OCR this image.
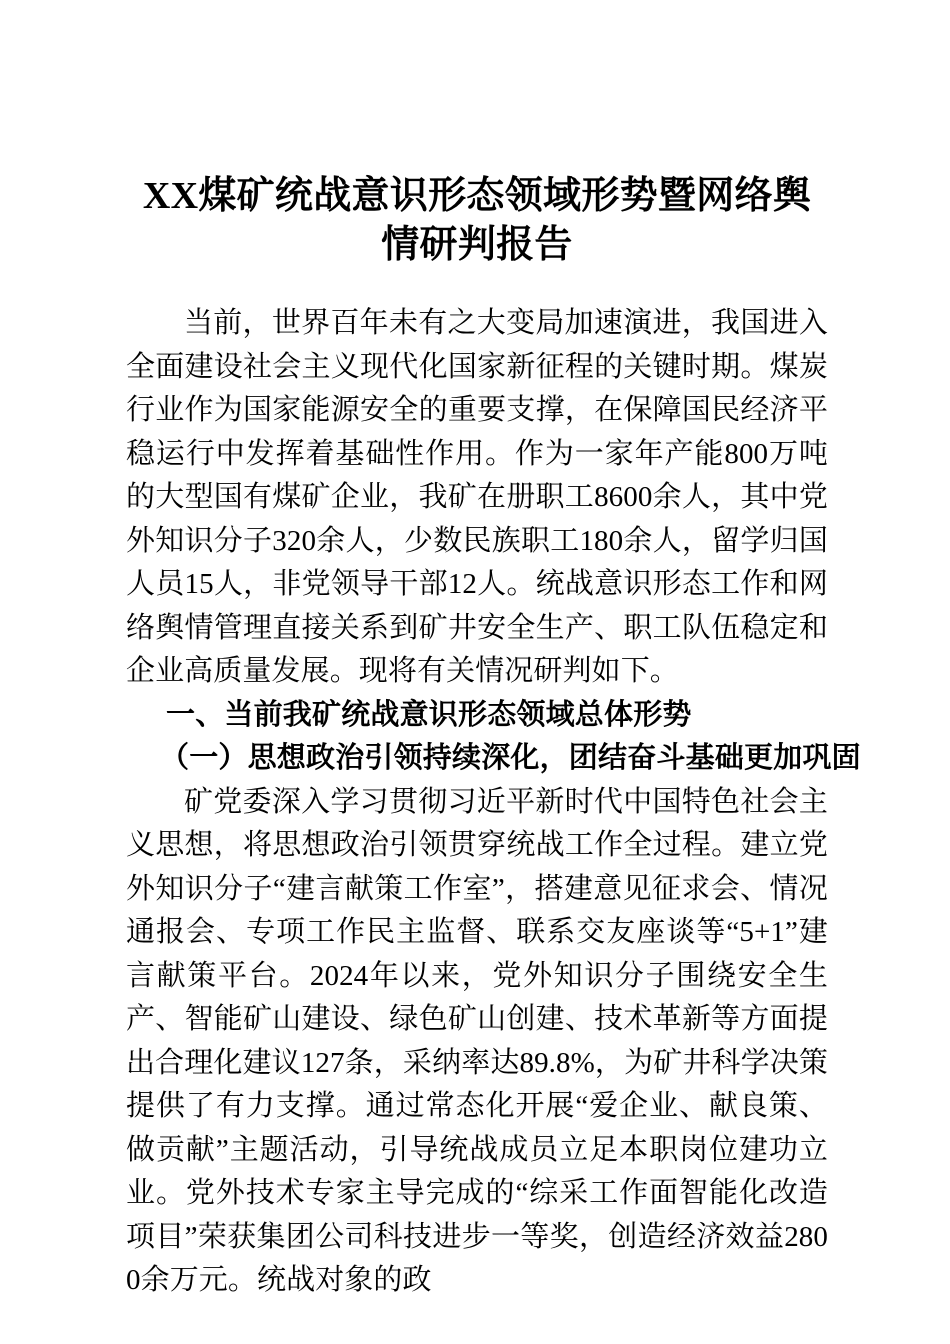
XX煤矿统战意识形态领域形势暨网络舆情研判报告

当前，世界百年未有之大变局加速演进，我国进入全面建设社会主义现代化国家新征程的关键时期。煤炭行业作为国家能源安全的重要支撑，在保障国民经济平稳运行中发挥着基础性作用。作为一家年产能800万吨的大型国有煤矿企业，我矿在册职工8600余人，其中党外知识分子320余人，少数民族职工180余人，留学归国人员15人，非党领导干部12人。统战意识形态工作和网络舆情管理直接关系到矿井安全生产、职工队伍稳定和企业高质量发展。现将有关情况研判如下。

一、当前我矿统战意识形态领域总体形势
（一）思想政治引领持续深化，团结奋斗基础更加巩固

矿党委深入学习贯彻习近平新时代中国特色社会主义思想，将思想政治引领贯穿统战工作全过程。建立党外知识分子“建言献策工作室”，搭建意见征求会、情况通报会、专项工作民主监督、联系交友座谈等“5+1”建言献策平台。2024年以来，党外知识分子围绕安全生产、智能矿山建设、绿色矿山创建、技术革新等方面提出合理化建议127条，采纳率达89.8%，为矿井科学决策提供了有力支撑。通过常态化开展“爱企业、献良策、做贡献”主题活动，引导统战成员立足本职岗位建功立业。党外技术专家主导完成的“综采工作面智能化改造项目”荣获集团公司科技进步一等奖，创造经济效益2800余万元。统战对象的政
